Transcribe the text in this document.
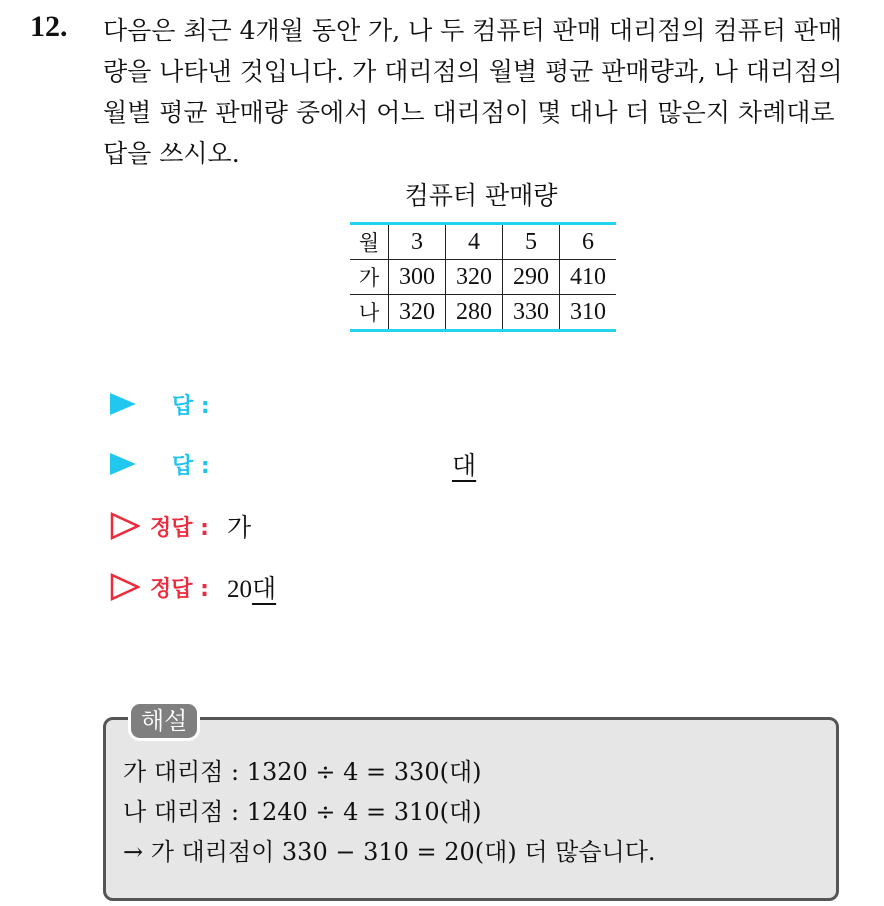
12. 다음은 최근 4개월 동안 가, 나 두 컴퓨터 판매 대리점의 컴퓨터 판매
량을 나타낸 것입니다. 가 대리점의 월별 평균 판매량과, 나 대리점의
월별 평균 판매량 중에서 어느 대리점이 몇 대나 더 많은지 차례대로
답을 쓰시오.
컴퓨터 판매량
월	3	4	5	6
가	300	320	290	410
나	320	280	330	310
답 :
답 :	대
정답 : 가
정답 : 20대
해설
가 대리점 : 1320 ÷ 4 = 330(대)
나 대리점 : 1240 ÷ 4 = 310(대)
→ 가 대리점이 330 − 310 = 20(대) 더 많습니다.
